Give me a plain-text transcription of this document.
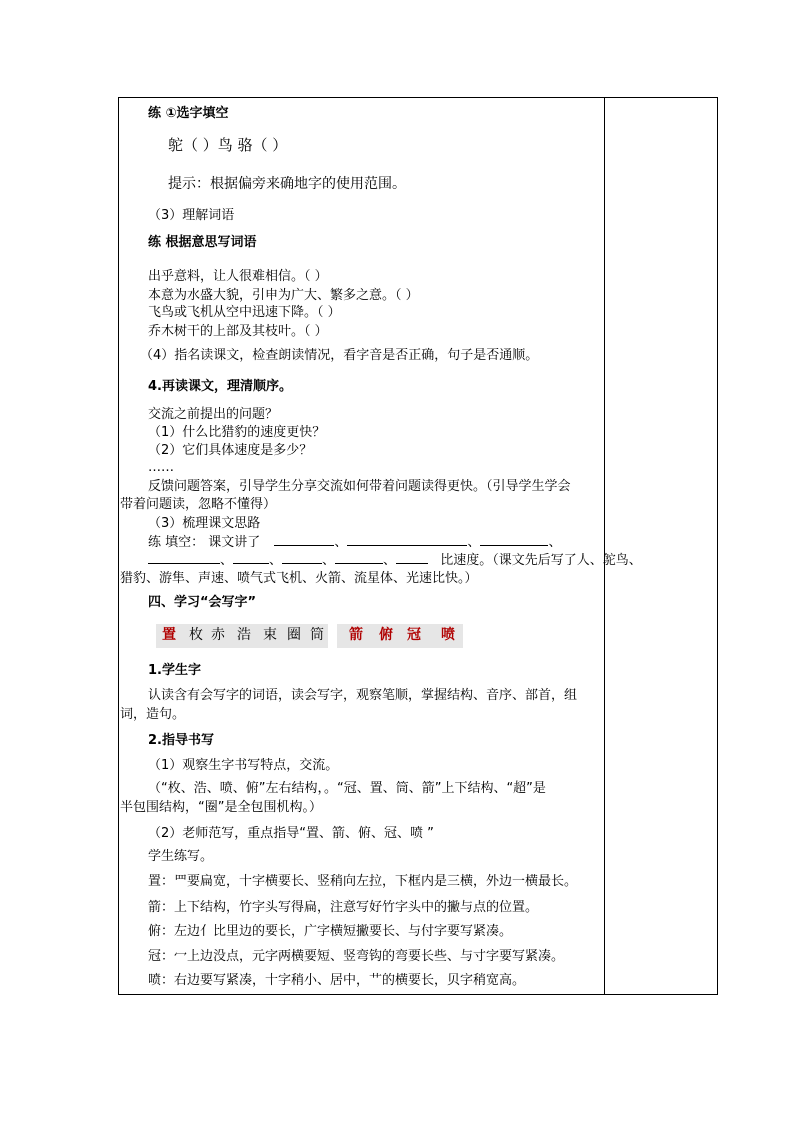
练 ①选字填空
鸵（ ）鸟 骆（ ）
提示：根据偏旁来确地字的使用范围。
（3）理解词语
练 根据意思写词语
出乎意料，让人很难相信。（ ）
本意为水盛大貌，引申为广大、繁多之意。（ ）
飞鸟或飞机从空中迅速下降。（ ）
乔木树干的上部及其枝叶。（ ）
（4）指名读课文，检查朗读情况，看字音是否正确，句子是否通顺。
4.再读课文，理清顺序。
交流之前提出的问题？
（1）什么比猎豹的速度更快？
（2）它们具体速度是多少？
……
反馈问题答案，引导学生分享交流如何带着问题读得更快。（引导学生学会
带着问题读，忽略不懂得）
（3）梳理课文思路
练 填空： 课文讲了	、	、	、
、	、	、	、	比速度。（课文先后写了人、鸵鸟、
猎豹、游隼、声速、喷气式飞机、火箭、流星体、光速比快。）
四、学习“会写字”
置 枚 赤 浩 束 圈 筒 箭 俯 冠 喷
1.学生字
认读含有会写字的词语，读会写字，观察笔顺，掌握结构、音序、部首，组
词，造句。
2.指导书写
（1）观察生字书写特点，交流。
（“枚、浩、喷、俯”左右结构，。“冠、置、筒、箭”上下结构、“超”是
半包围结构，“圈”是全包围机构。）
（2）老师范写，重点指导“置、箭、俯、冠、喷 ”
学生练写。
置：罒要扁宽，十字横要长、竖稍向左拉，下框内是三横，外边一横最长。
箭：上下结构，竹字头写得扁，注意写好竹字头中的撇与点的位置。
俯：左边亻比里边的要长，广字横短撇要长、与付字要写紧凑。
冠：冖上边没点，元字两横要短、竖弯钩的弯要长些、与寸字要写紧凑。
喷：右边要写紧凑，十字稍小、居中，艹的横要长，贝字稍宽高。
